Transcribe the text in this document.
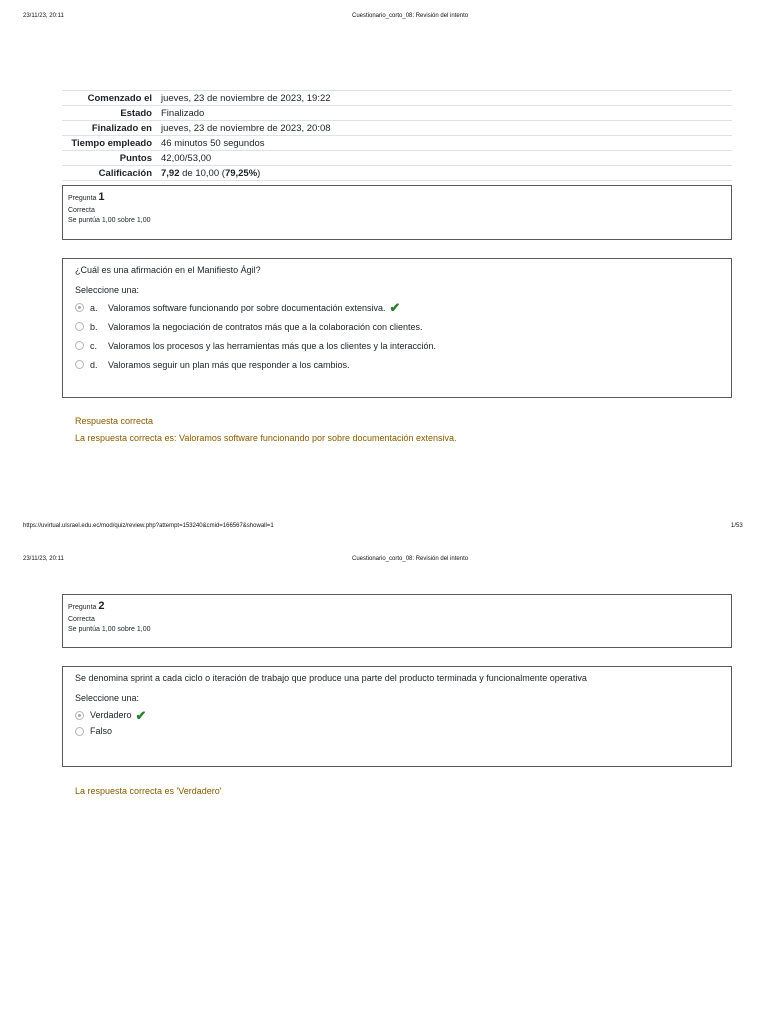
23/11/23, 20:11	Cuestionario_corto_08: Revisión del intento
Comenzado el jueves, 23 de noviembre de 2023, 19:22
Estado Finalizado
Finalizado en jueves, 23 de noviembre de 2023, 20:08
Tiempo empleado 46 minutos 50 segundos
Puntos 42,00/53,00
Calificación 7,92 de 10,00 (79,25%)
Pregunta 1
Correcta
Se puntúa 1,00 sobre 1,00

¿Cuál es una afirmación en el Manifiesto Ágil?

Seleccione una:

a.	Valoramos software funcionando por sobre documentación extensiva. ✔
b.	Valoramos la negociación de contratos más que a la colaboración con clientes.
c.	Valoramos los procesos y las herramientas más que a los clientes y la interacción.
d.	Valoramos seguir un plan más que responder a los cambios.
Respuesta correcta
La respuesta correcta es: Valoramos software funcionando por sobre documentación extensiva.
https://uvirtual.ulsrael.edu.ec/mod/quiz/review.php?attempt=153240&cmid=166567&showall=1	1/53
23/11/23, 20:11	Cuestionario_corto_08: Revisión del intento
Pregunta 2
Correcta
Se puntúa 1,00 sobre 1,00

Se denomina sprint a cada ciclo o iteración de trabajo que produce una parte del producto terminada y funcionalmente operativa

Seleccione una:

Verdadero ✔
Falso
La respuesta correcta es 'Verdadero'
